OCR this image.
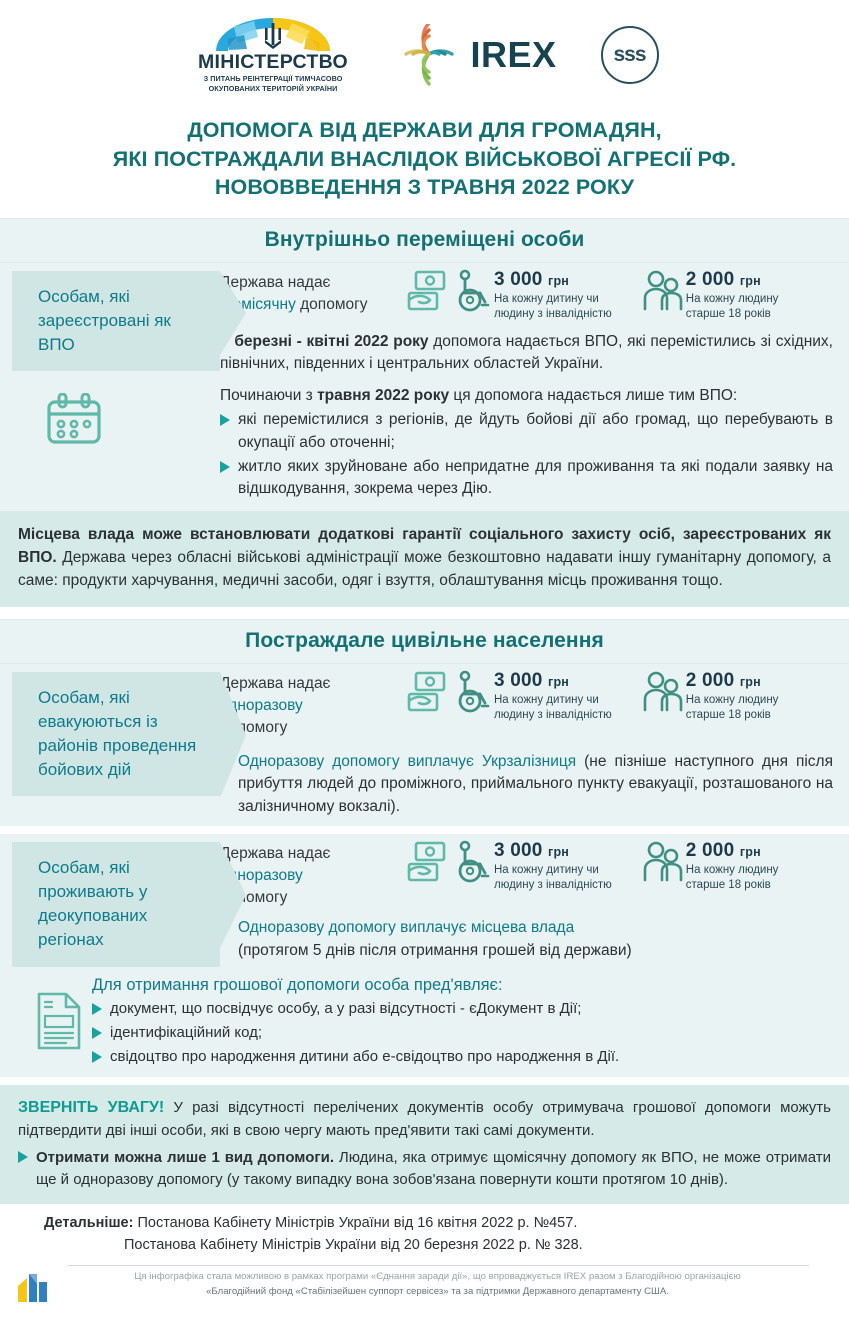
МІНІСТЕРСТВО
З ПИТАНЬ РЕІНТЕГРАЦІЇ ТИМЧАСОВО
ОКУПОВАНИХ ТЕРИТОРІЙ УКРАЇНИ
IREX	sss
ДОПОМОГА ВІД ДЕРЖАВИ ДЛЯ ГРОМАДЯН,
ЯКІ ПОСТРАЖДАЛИ ВНАСЛІДОК ВІЙСЬКОВОЇ АГРЕСІЇ РФ.
НОВОВВЕДЕННЯ З ТРАВНЯ 2022 РОКУ
Внутрішньо переміщені особи
Особам, які зареєстровані як ВПО
Держава надає
щомісячну допомогу
3 000 грн
На кожну дитину чи
людину з інвалідністю
2 000 грн
На кожну людину
старше 18 років

У березні - квітні 2022 року допомога надається ВПО, які перемістились зі східних, північних, південних і центральних областей України.

Починаючи з травня 2022 року ця допомога надається лише тим ВПО:

які перемістилися з регіонів, де йдуть бойові дії або громад, що перебувають в окупації або оточенні;

житло яких зруйноване або непридатне для проживання та які подали заявку на відшкодування, зокрема через Дію.

Місцева влада може встановлювати додаткові гарантії соціального захисту осіб, зареєстрованих як ВПО. Держава через обласні військові адміністрації може безкоштовно надавати іншу гуманітарну допомогу, а саме: продукти харчування, медичні засоби, одяг і взуття, облаштування місць проживання тощо.

Постраждале цивільне населення
Особам, які евакуюються із районів проведення бойових дій
Держава надає
одноразову
допомогу
3 000 грн
На кожну дитину чи
людину з інвалідністю
2 000 грн
На кожну людину
старше 18 років

Одноразову допомогу виплачує Укрзалізниця (не пізніше наступного дня після прибуття людей до проміжного, приймального пункту евакуації, розташованого на залізничному вокзалі).

Особам, які проживають у деокупованих регіонах
Держава надає
одноразову
допомогу
3 000 грн
На кожну дитину чи
людину з інвалідністю
2 000 грн
На кожну людину
старше 18 років

Одноразову допомогу виплачує місцева влада
(протягом 5 днів після отримання грошей від держави)

Для отримання грошової допомоги особа пред'являє:

документ, що посвідчує особу, а у разі відсутності - єДокумент в Дії;

ідентифікаційний код;

свідоцтво про народження дитини або е-свідоцтво про народження в Дії.

ЗВЕРНІТЬ УВАГУ! У разі відсутності перелічених документів особу отримувача грошової допомоги можуть підтвердити дві інші особи, які в свою чергу мають пред'явити такі самі документи.

Отримати можна лише 1 вид допомоги. Людина, яка отримує щомісячну допомогу як ВПО, не може отримати ще й одноразову допомогу (у такому випадку вона зобов'язана повернути кошти протягом 10 днів).

Детальніше: Постанова Кабінету Міністрів України від 16 квітня 2022 р. №457.
Постанова Кабінету Міністрів України від 20 березня 2022 р. № 328.

Ця інфографіка стала можливою в рамках програми «Єднання заради дії», що впроваджується IREX разом з Благодійною організацією

«Благодійний фонд «Стабілізейшен суппорт сервісез» та за підтримки Державного департаменту США.
